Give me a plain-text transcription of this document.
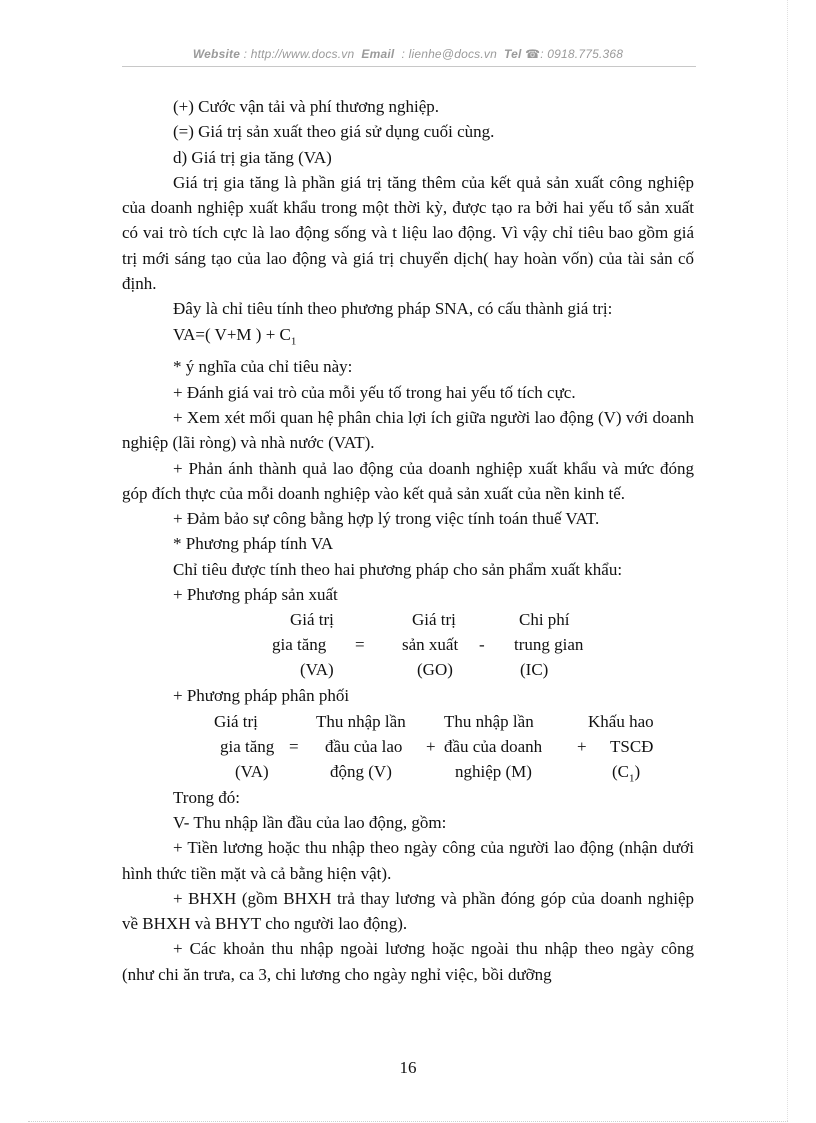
Website : http://www.docs.vn Email : lienhe@docs.vn Tel ☎: 0918.775.368

(+) Cước vận tải và phí thương nghiệp.

(=) Giá trị sản xuất theo giá sử dụng cuối cùng.

d) Giá trị gia tăng (VA)

Giá trị gia tăng là phần giá trị tăng thêm của kết quả sản xuất công nghiệp của doanh nghiệp xuất khẩu trong một thời kỳ, được tạo ra bởi hai yếu tố sản xuất có vai trò tích cực là lao động sống và t liệu lao động. Vì vậy chỉ tiêu bao gồm giá trị mới sáng tạo của lao động và giá trị chuyển dịch( hay hoàn vốn) của tài sản cố định.

Đây là chỉ tiêu tính theo phương pháp SNA, có cấu thành giá trị:

VA=( V+M ) + $C_1$

* ý nghĩa của chỉ tiêu này:

+ Đánh giá vai trò của mỗi yếu tố trong hai yếu tố tích cực.

+ Xem xét mối quan hệ phân chia lợi ích giữa người lao động (V) với doanh nghiệp (lãi ròng) và nhà nước (VAT).

+ Phản ánh thành quả lao động của doanh nghiệp xuất khẩu và mức đóng góp đích thực của mỗi doanh nghiệp vào kết quả sản xuất của nền kinh tế.

+ Đảm bảo sự công bằng hợp lý trong việc tính toán thuế VAT.

* Phương pháp tính VA

Chỉ tiêu được tính theo hai phương pháp cho sản phẩm xuất khẩu:

+ Phương pháp sản xuất

Giá trị	Giá trị	Chi phí
gia tăng = sản xuất - trung gian
(VA)	(GO)	(IC)

+ Phương pháp phân phối

Giá trị	Thu nhập lần Thu nhập lần	Khấu hao
gia tăng = đầu của lao + đầu của doanh + TSCĐ
(VA)	động (V)	nghiệp (M)	$(C_1)$

Trong đó:

V- Thu nhập lần đầu của lao động, gồm:

+ Tiền lương hoặc thu nhập theo ngày công của người lao động (nhận dưới hình thức tiền mặt và cả bằng hiện vật).

+ BHXH (gồm BHXH trả thay lương và phần đóng góp của doanh nghiệp về BHXH và BHYT cho người lao động).

+ Các khoản thu nhập ngoài lương hoặc ngoài thu nhập theo ngày công (như chi ăn trưa, ca 3, chi lương cho ngày nghỉ việc, bồi dưỡng

16
